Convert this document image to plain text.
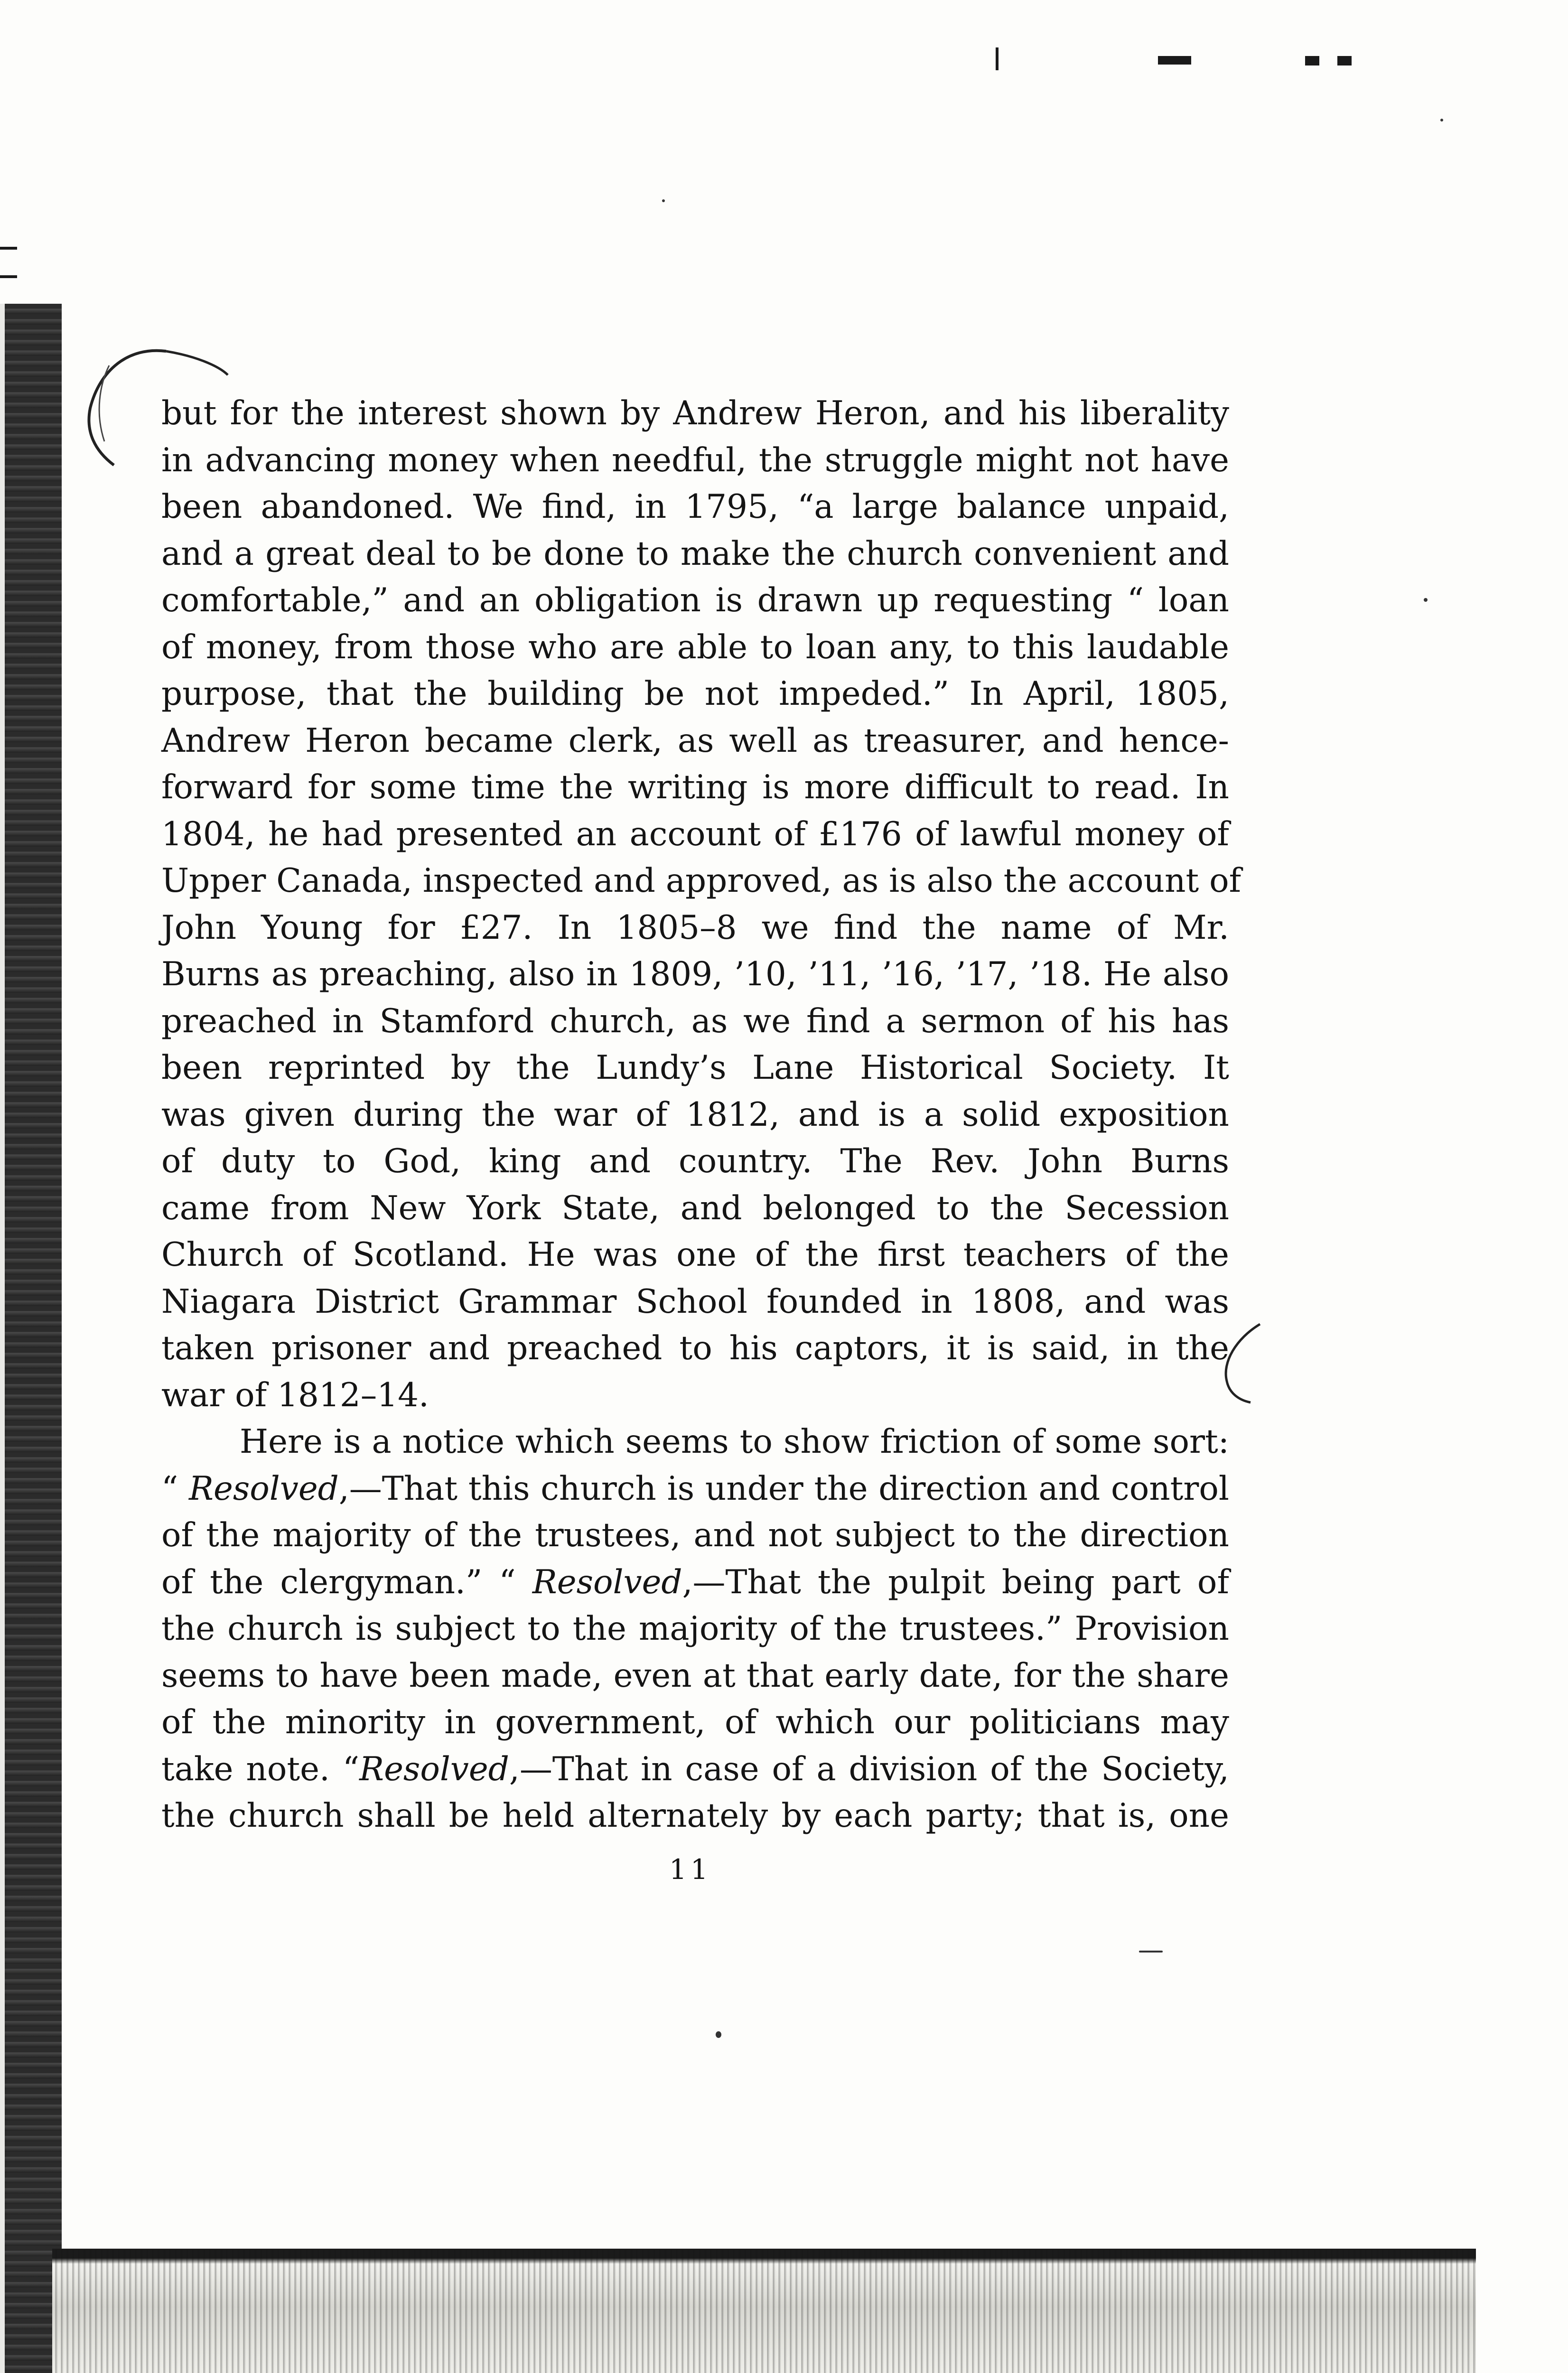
but for the interest shown by Andrew Heron, and his liberality
in advancing money when needful, the struggle might not have
been abandoned. We find, in 1795, “a large balance unpaid,
and a great deal to be done to make the church convenient and
comfortable,” and an obligation is drawn up requesting “ loan
of money, from those who are able to loan any, to this laudable
purpose, that the building be not impeded.” In April, 1805,
Andrew Heron became clerk, as well as treasurer, and hence-
forward for some time the writing is more difficult to read. In
1804, he had presented an account of £176 of lawful money of
Upper Canada, inspected and approved, as is also the account of
John Young for £27. In 1805–8 we find the name of Mr.
Burns as preaching, also in 1809, ’10, ’11, ’16, ’17, ’18. He also
preached in Stamford church, as we find a sermon of his has
been reprinted by the Lundy’s Lane Historical Society. It
was given during the war of 1812, and is a solid exposition
of duty to God, king and country. The Rev. John Burns
came from New York State, and belonged to the Secession
Church of Scotland. He was one of the first teachers of the
Niagara District Grammar School founded in 1808, and was
taken prisoner and preached to his captors, it is said, in the
war of 1812–14.
Here is a notice which seems to show friction of some sort:
“ Resolved,—That this church is under the direction and control
of the majority of the trustees, and not subject to the direction
of the clergyman.” “ Resolved,—That the pulpit being part of
the church is subject to the majority of the trustees.” Provision
seems to have been made, even at that early date, for the share
of the minority in government, of which our politicians may
take note. “Resolved,—That in case of a division of the Society,
the church shall be held alternately by each party; that is, one
11
